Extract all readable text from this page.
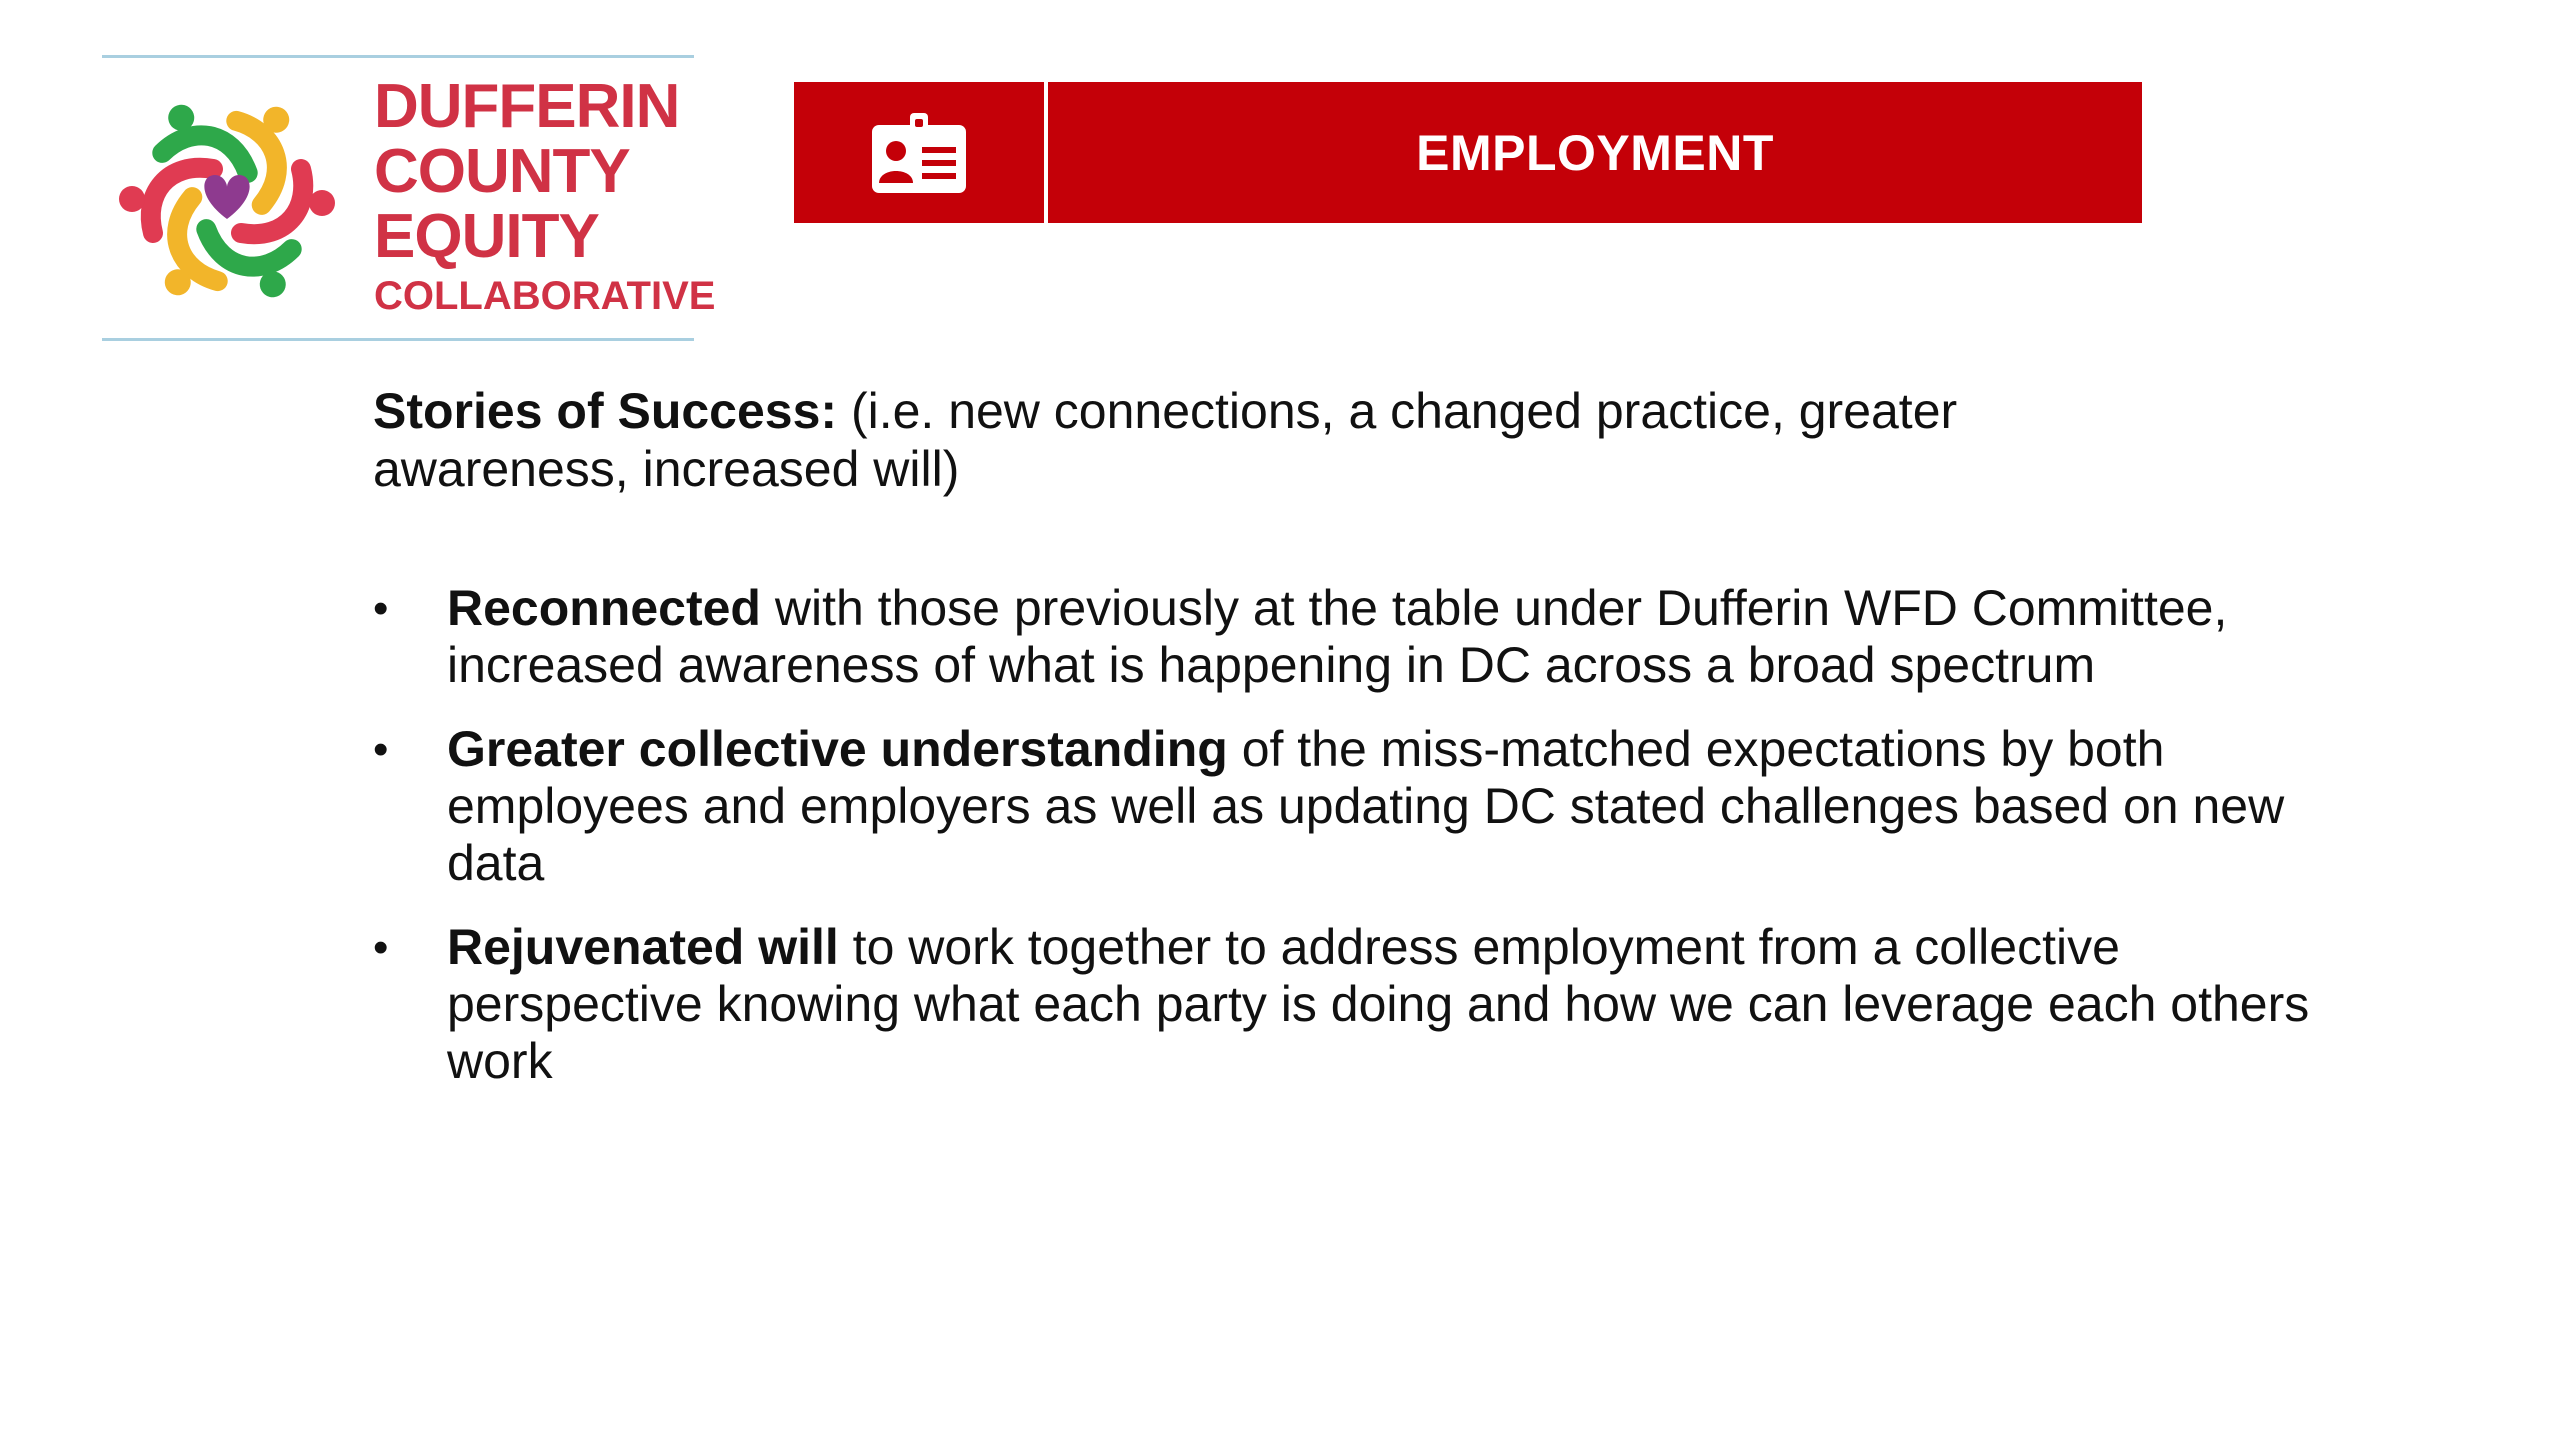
DUFFERIN
COUNTY
EQUITY
COLLABORATIVE
EMPLOYMENT
Stories of Success: (i.e. new connections, a changed practice, greater awareness, increased will)
• Reconnected with those previously at the table under Dufferin WFD Committee, increased awareness of what is happening in DC across a broad spectrum
• Greater collective understanding of the miss-matched expectations by both employees and employers as well as updating DC stated challenges based on new data
• Rejuvenated will to work together to address employment from a collective perspective knowing what each party is doing and how we can leverage each others work
